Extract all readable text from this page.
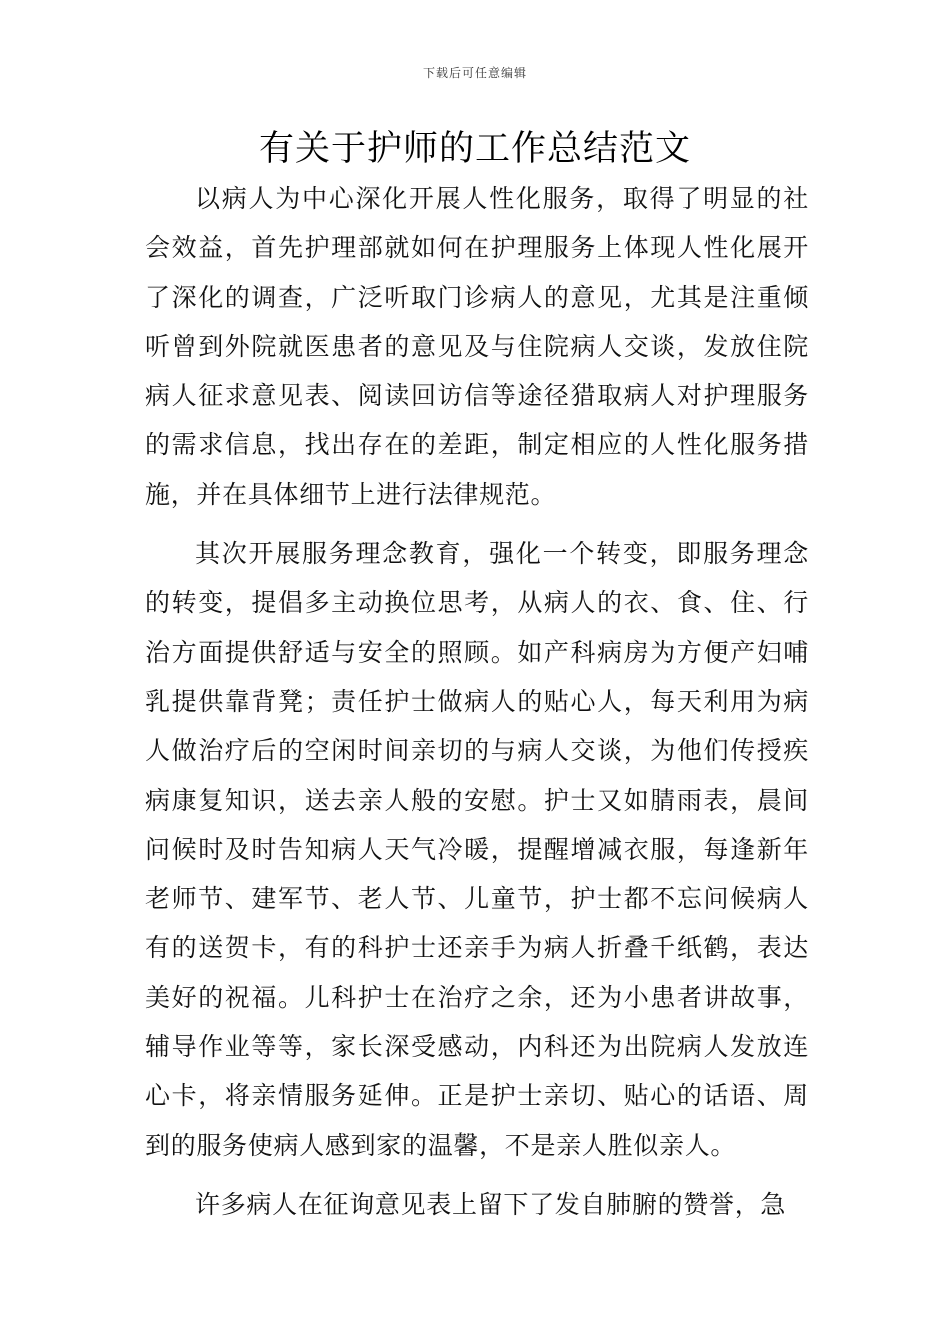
下载后可任意编辑
有关于护师的工作总结范文

以病人为中心深化开展人性化服务，取得了明显的社会效益，首先护理部就如何在护理服务上体现人性化展开了深化的调查，广泛听取门诊病人的意见，尤其是注重倾听曾到外院就医患者的意见及与住院病人交谈，发放住院病人征求意见表、阅读回访信等途径猎取病人对护理服务的需求信息，找出存在的差距，制定相应的人性化服务措施，并在具体细节上进行法律规范。

其次开展服务理念教育，强化一个转变，即服务理念的转变，提倡多主动换位思考，从病人的衣、食、住、行治方面提供舒适与安全的照顾。如产科病房为方便产妇哺乳提供靠背凳；责任护士做病人的贴心人，每天利用为病人做治疗后的空闲时间亲切的与病人交谈，为他们传授疾病康复知识，送去亲人般的安慰。护士又如腈雨表，晨间问候时及时告知病人天气冷暖，提醒增减衣服，每逢新年老师节、建军节、老人节、儿童节，护士都不忘问候病人有的送贺卡，有的科护士还亲手为病人折叠千纸鹤，表达美好的祝福。儿科护士在治疗之余，还为小患者讲故事，辅导作业等等，家长深受感动，内科还为出院病人发放连心卡，将亲情服务延伸。正是护士亲切、贴心的话语、周到的服务使病人感到家的温馨，不是亲人胜似亲人。

许多病人在征询意见表上留下了发自肺腑的赞誉，急
